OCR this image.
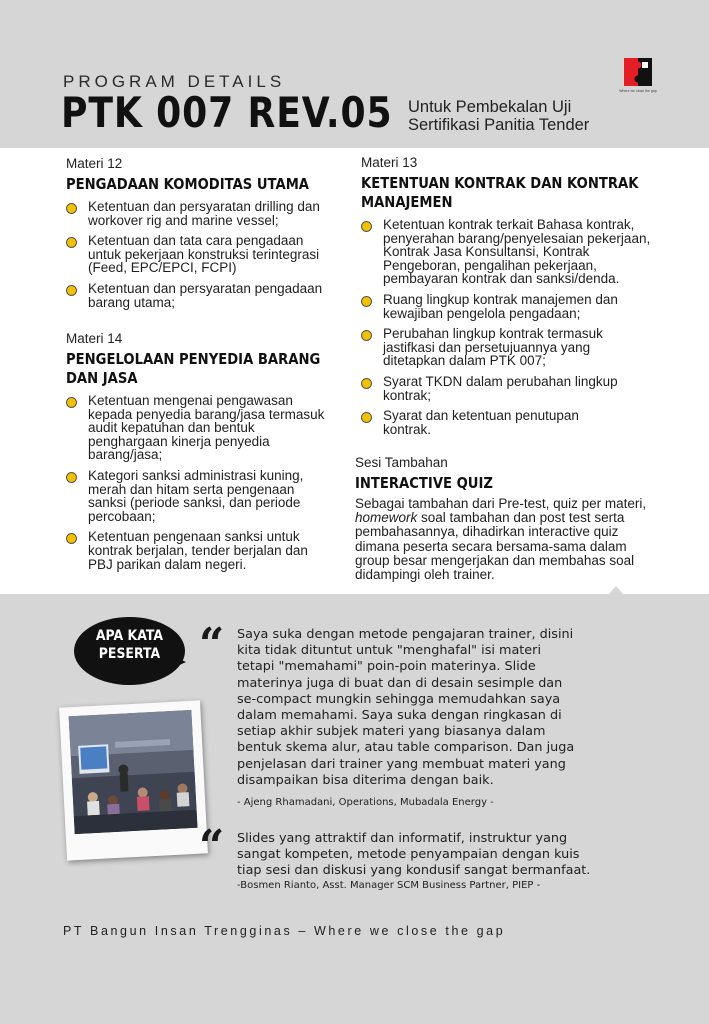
PROGRAM DETAILS
PTK 007 REV.05 Untuk Pembekalan Uji
Sertifikasi Panitia Tender
Where we close the gap
Materi 12
PENGADAAN KOMODITAS UTAMA
Ketentuan dan persyaratan drilling dan
workover rig and marine vessel;
Ketentuan dan tata cara pengadaan
untuk pekerjaan konstruksi terintegrasi
(Feed, EPC/EPCI, FCPI)
Ketentuan dan persyaratan pengadaan
barang utama;
Materi 14
PENGELOLAAN PENYEDIA BARANG
DAN JASA
Ketentuan mengenai pengawasan
kepada penyedia barang/jasa termasuk
audit kepatuhan dan bentuk
penghargaan kinerja penyedia
barang/jasa;
Kategori sanksi administrasi kuning,
merah dan hitam serta pengenaan
sanksi (periode sanksi, dan periode
percobaan;
Ketentuan pengenaan sanksi untuk
kontrak berjalan, tender berjalan dan
PBJ parikan dalam negeri.
Materi 13
KETENTUAN KONTRAK DAN KONTRAK
MANAJEMEN
Ketentuan kontrak terkait Bahasa kontrak,
penyerahan barang/penyelesaian pekerjaan,
Kontrak Jasa Konsultansi, Kontrak
Pengeboran, pengalihan pekerjaan,
pembayaran kontrak dan sanksi/denda.
Ruang lingkup kontrak manajemen dan
kewajiban pengelola pengadaan;
Perubahan lingkup kontrak termasuk
jastifkasi dan persetujuannya yang
ditetapkan dalam PTK 007;
Syarat TKDN dalam perubahan lingkup
kontrak;
Syarat dan ketentuan penutupan
kontrak.
Sesi Tambahan
INTERACTIVE QUIZ
Sebagai tambahan dari Pre-test, quiz per materi,
homework soal tambahan dan post test serta
pembahasannya, dihadirkan interactive quiz
dimana peserta secara bersama-sama dalam
group besar mengerjakan dan membahas soal
didampingi oleh trainer.
APA KATA
PESERTA “ Saya suka dengan metode pengajaran trainer, disini
kita tidak dituntut untuk "menghafal" isi materi
tetapi "memahami" poin-poin materinya. Slide
materinya juga di buat dan di desain sesimple dan
se-compact mungkin sehingga memudahkan saya
dalam memahami. Saya suka dengan ringkasan di
setiap akhir subjek materi yang biasanya dalam
bentuk skema alur, atau table comparison. Dan juga
penjelasan dari trainer yang membuat materi yang
disampaikan bisa diterima dengan baik.
- Ajeng Rhamadani, Operations, Mubadala Energy -
“ Slides yang attraktif dan informatif, instruktur yang
sangat kompeten, metode penyampaian dengan kuis
tiap sesi dan diskusi yang kondusif sangat bermanfaat.
-Bosmen Rianto, Asst. Manager SCM Business Partner, PIEP -
PT Bangun Insan Trengginas – Where we close the gap
